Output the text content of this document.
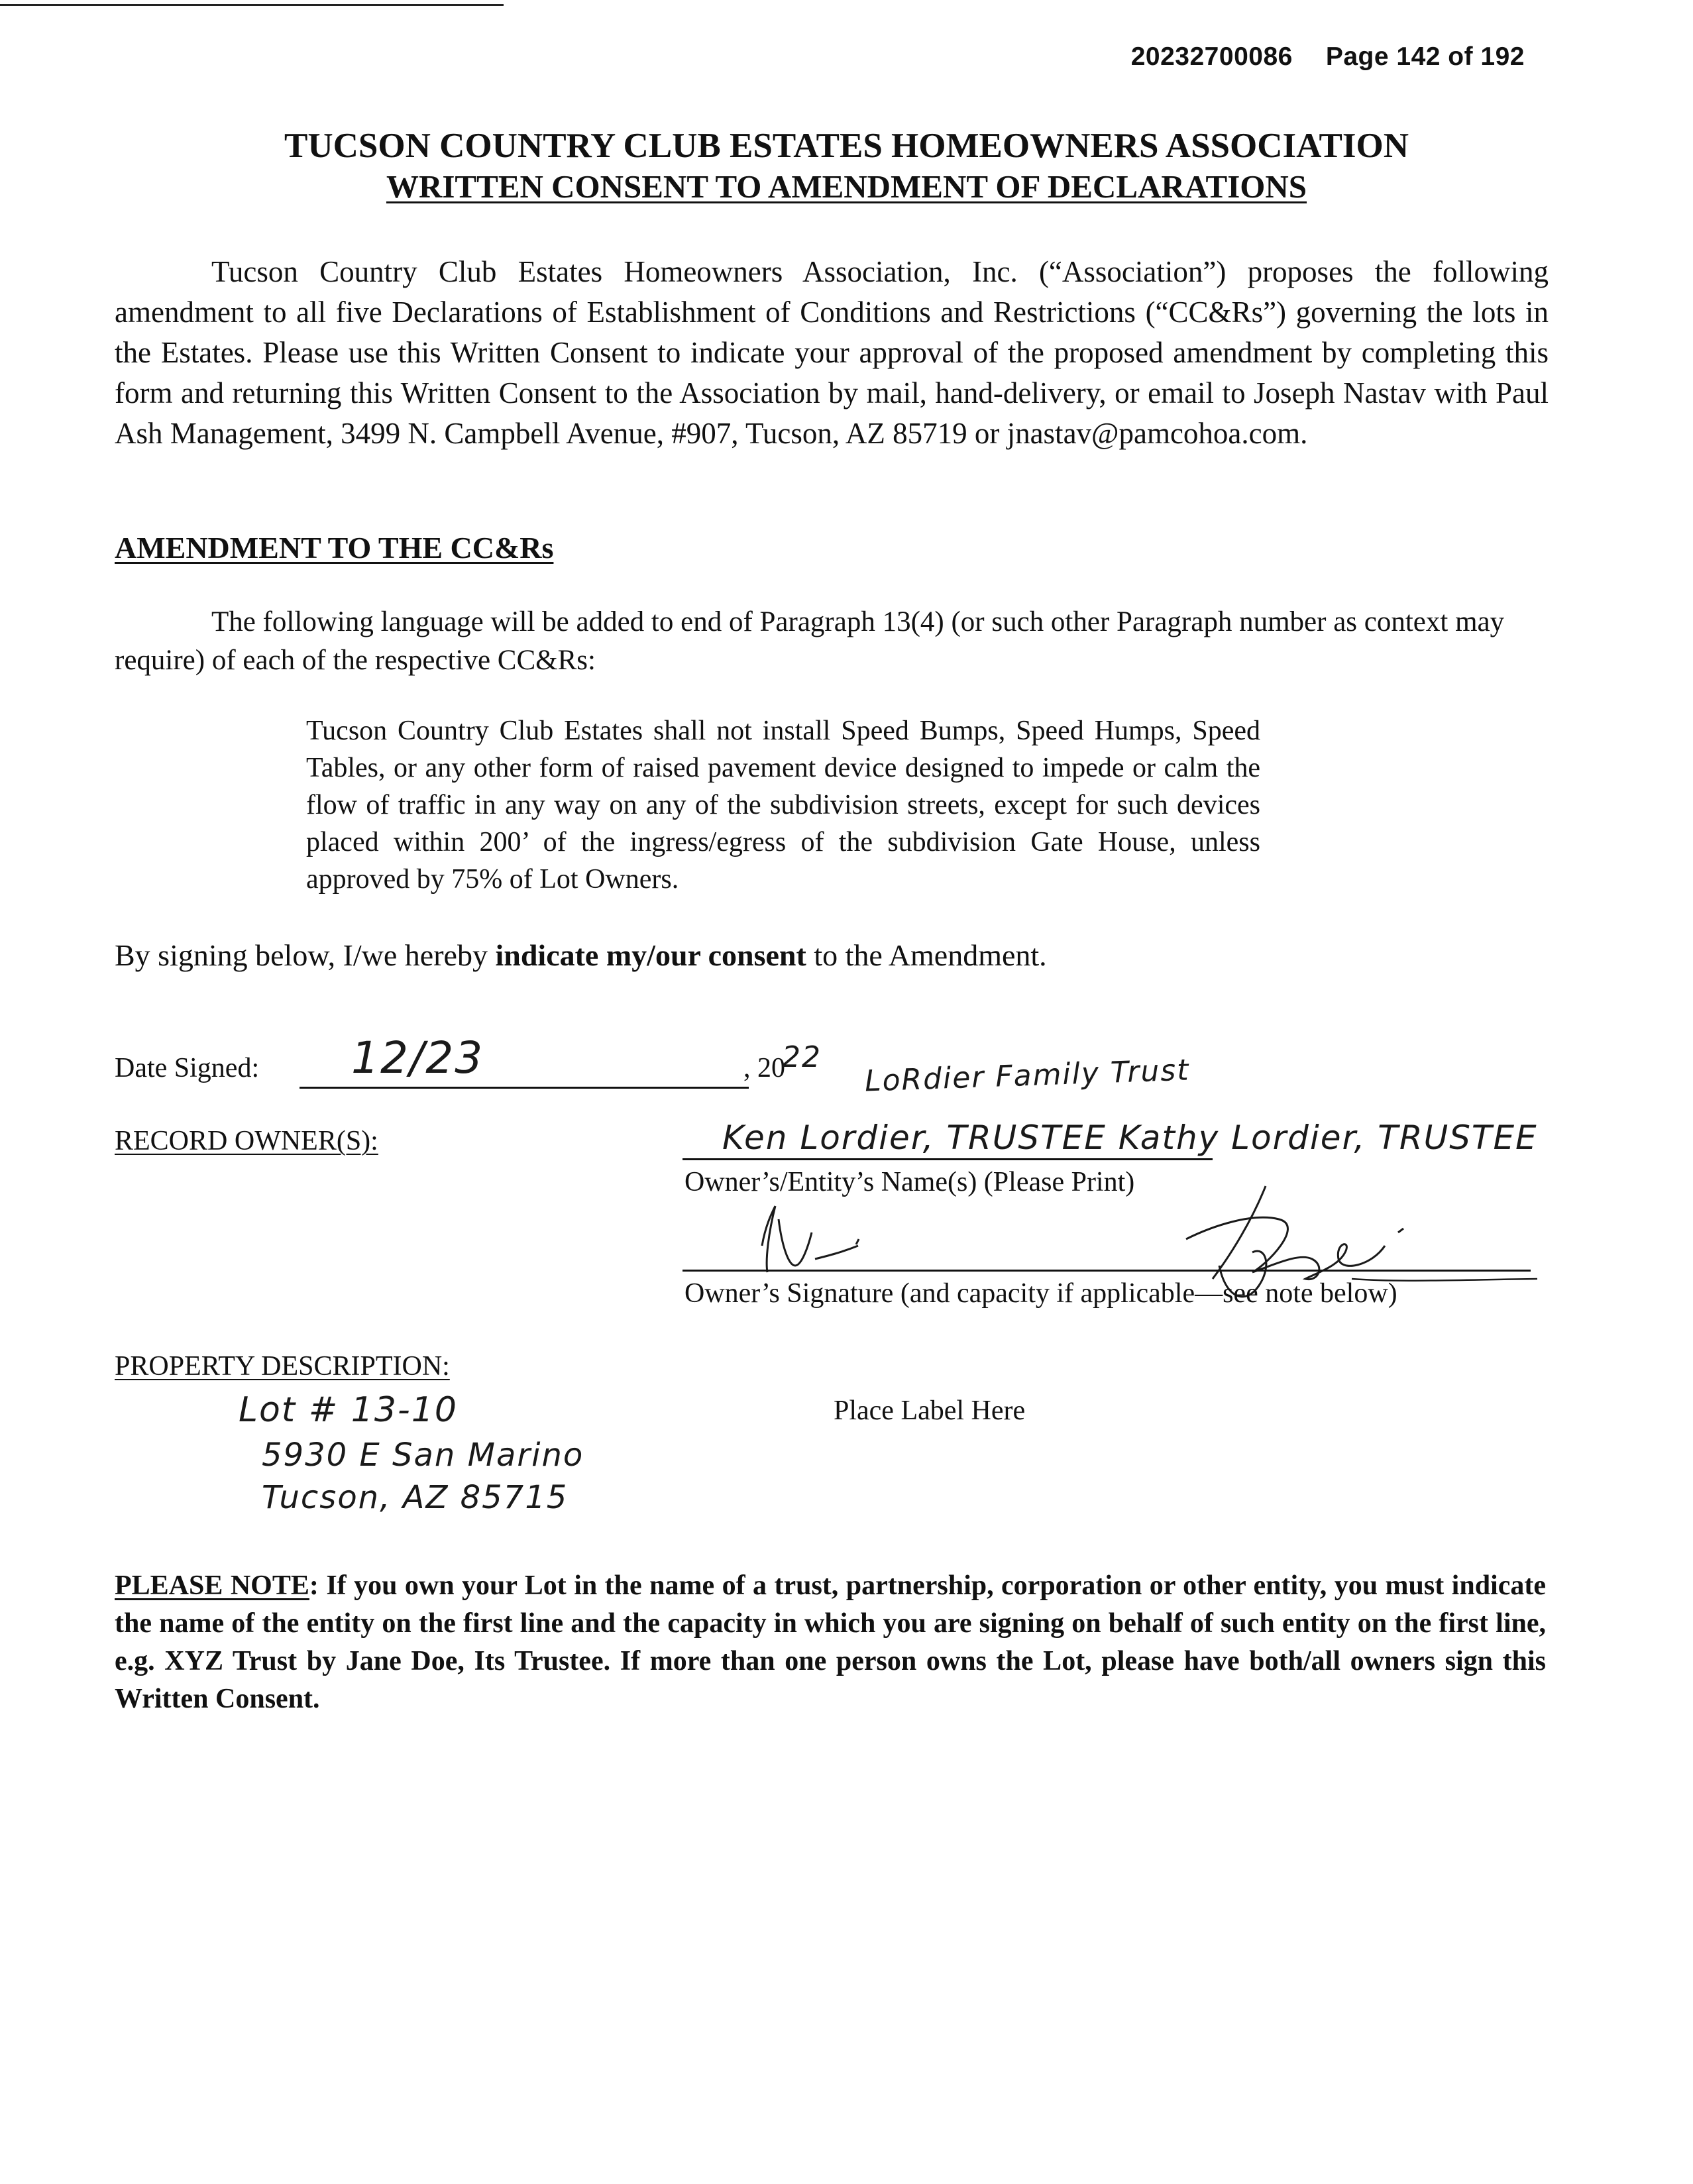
20232700086 Page 142 of 192
TUCSON COUNTRY CLUB ESTATES HOMEOWNERS ASSOCIATION
WRITTEN CONSENT TO AMENDMENT OF DECLARATIONS

Tucson Country Club Estates Homeowners Association, Inc. (“Association”) proposes the following amendment to all five Declarations of Establishment of Conditions and Restrictions (“CC&Rs”) governing the lots in the Estates. Please use this Written Consent to indicate your approval of the proposed amendment by completing this form and returning this Written Consent to the Association by mail, hand-delivery, or email to Joseph Nastav with Paul Ash Management, 3499 N. Campbell Avenue, #907, Tucson, AZ 85719 or jnastav@pamcohoa.com.

AMENDMENT TO THE CC&Rs

The following language will be added to end of Paragraph 13(4) (or such other Paragraph number as context may require) of each of the respective CC&Rs:

Tucson Country Club Estates shall not install Speed Bumps, Speed Humps, Speed Tables, or any other form of raised pavement device designed to impede or calm the flow of traffic in any way on any of the subdivision streets, except for such devices placed within 200’ of the ingress/egress of the subdivision Gate House, unless approved by 75% of Lot Owners.

By signing below, I/we hereby indicate my/our consent to the Amendment.
Date Signed: 12/23	, 20
22 LoRdier Family Trust
RECORD OWNER(S):	Ken Lordier, TRUSTEE Kathy Lordier, TRUSTEE
Owner’s/Entity’s Name(s) (Please Print)
Owner’s Signature (and capacity if applicable—see note below)
PROPERTY DESCRIPTION:
Lot # 13-10
5930 E San Marino
Tucson, AZ 85715
Place Label Here

PLEASE NOTE: If you own your Lot in the name of a trust, partnership, corporation or other entity, you must indicate the name of the entity on the first line and the capacity in which you are signing on behalf of such entity on the first line, e.g. XYZ Trust by Jane Doe, Its Trustee. If more than one person owns the Lot, please have both/all owners sign this Written Consent.
